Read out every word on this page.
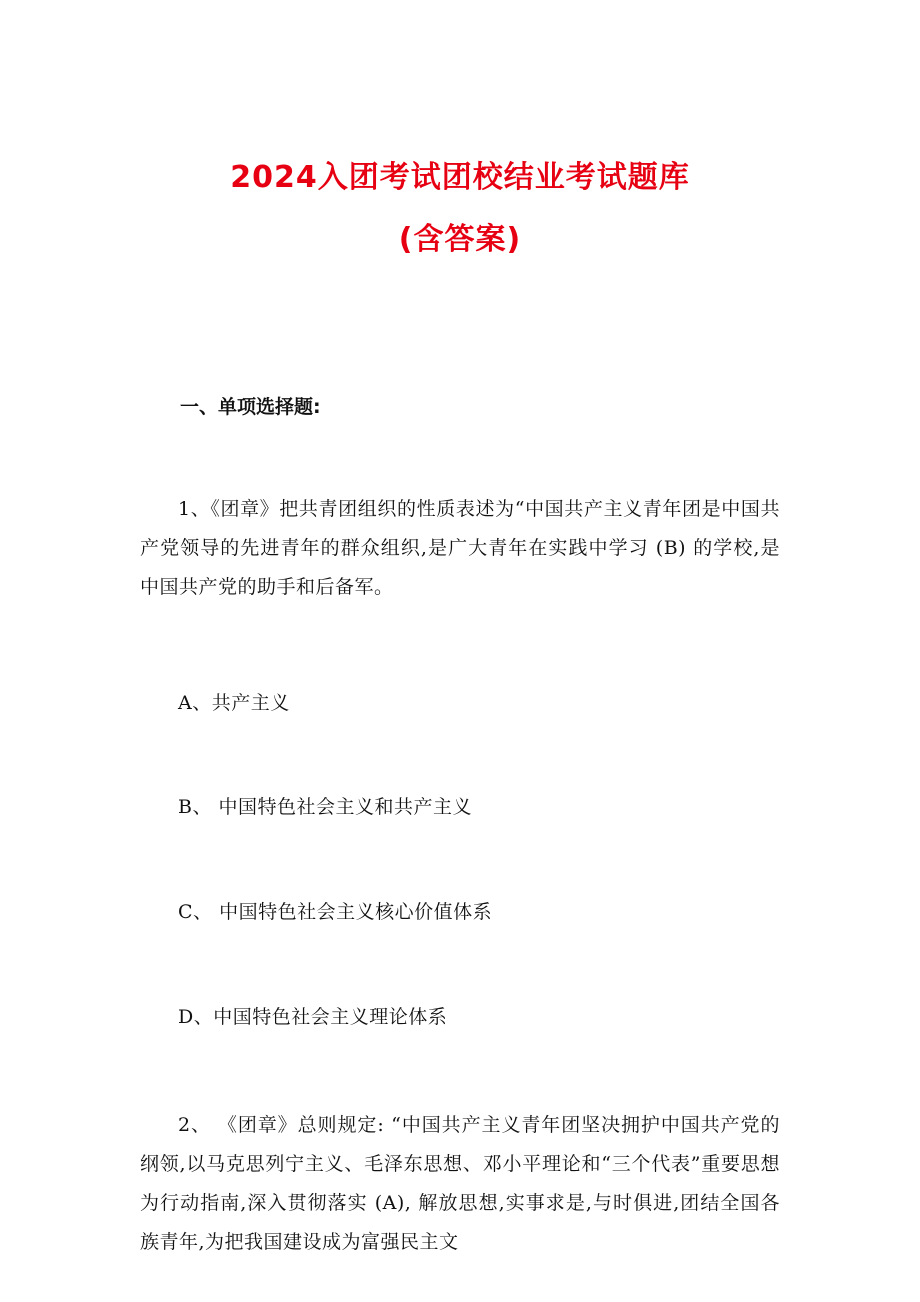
2024入团考试团校结业考试题库
(含答案)
一、单项选择题:
1、《团章》把共青团组织的性质表述为“中国共产主义青年团是中国共产党领导的先进青年的群众组织,是广大青年在实践中学习 (B) 的学校,是中国共产党的助手和后备军。
A、共产主义
B、 中国特色社会主义和共产主义
C、 中国特色社会主义核心价值体系
D、中国特色社会主义理论体系
2、 《团章》总则规定: “中国共产主义青年团坚决拥护中国共产党的纲领,以马克思列宁主义、毛泽东思想、邓小平理论和“三个代表”重要思想为行动指南,深入贯彻落实 (A), 解放思想,实事求是,与时俱进,团结全国各族青年,为把我国建设成为富强民主文
